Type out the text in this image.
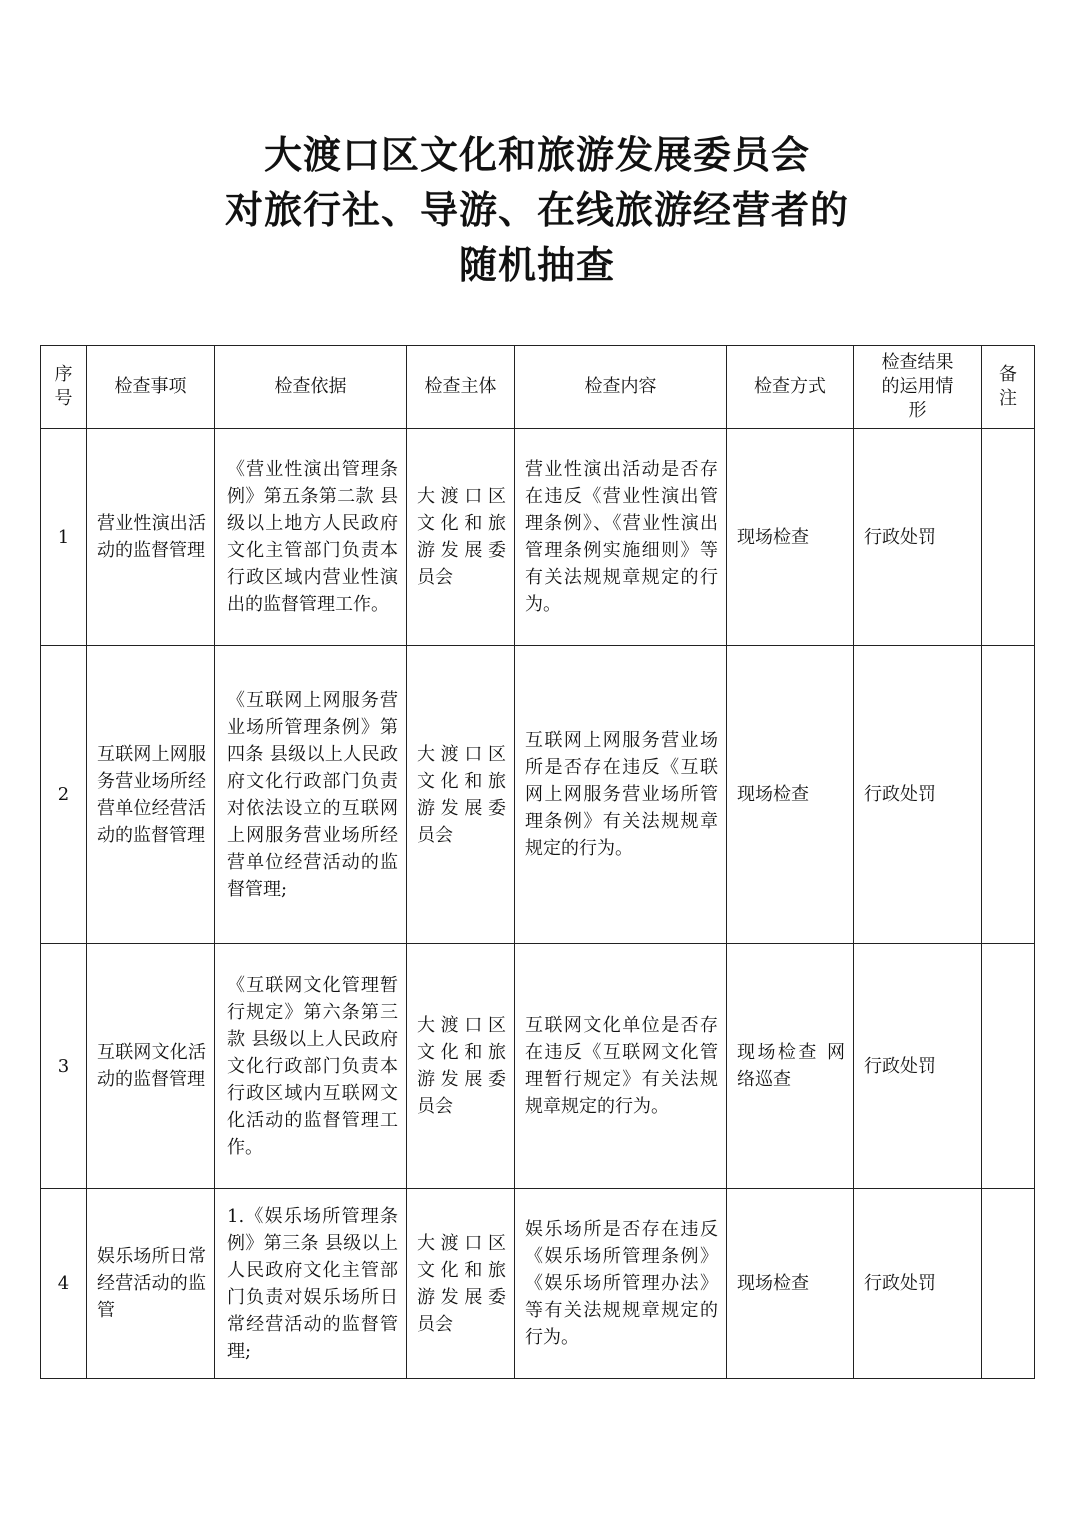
大渡口区文化和旅游发展委员会
对旅行社、导游、在线旅游经营者的
随机抽查
序号	检查事项	检查依据	检查主体	检查内容	检查方式	检查结果的运用情形	备注
1	营业性演出活动的监督管理	《营业性演出管理条例》第五条第二款 县级以上地方人民政府文化主管部门负责本行政区域内营业性演出的监督管理工作。	大渡口区文化和旅游发展委员会	营业性演出活动是否存在违反《营业性演出管理条例》、《营业性演出管理条例实施细则》等有关法规规章规定的行为。	现场检查	行政处罚	
2	互联网上网服务营业场所经营单位经营活动的监督管理	《互联网上网服务营业场所管理条例》第四条 县级以上人民政府文化行政部门负责对依法设立的互联网上网服务营业场所经营单位经营活动的监督管理;	大渡口区文化和旅游发展委员会	互联网上网服务营业场所是否存在违反《互联网上网服务营业场所管理条例》有关法规规章规定的行为。	现场检查	行政处罚	
3	互联网文化活动的监督管理	《互联网文化管理暂行规定》第六条第三款 县级以上人民政府文化行政部门负责本行政区域内互联网文化活动的监督管理工作。	大渡口区文化和旅游发展委员会	互联网文化单位是否存在违反《互联网文化管理暂行规定》有关法规规章规定的行为。	现场检查 网络巡查	行政处罚	
4	娱乐场所日常经营活动的监管	1.《娱乐场所管理条例》第三条 县级以上人民政府文化主管部门负责对娱乐场所日常经营活动的监督管理;	大渡口区文化和旅游发展委员会	娱乐场所是否存在违反《娱乐场所管理条例》《娱乐场所管理办法》等有关法规规章规定的行为。	现场检查	行政处罚	
